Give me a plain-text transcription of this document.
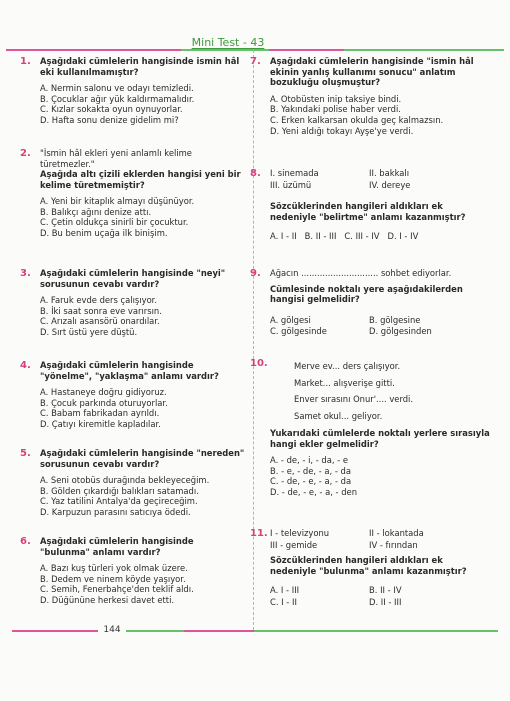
Mini Test - 43
1.	Aşağıdaki cümlelerin hangisinde ismin hâl eki kullanılmamıştır?
A. Nermin salonu ve odayı temizledi.
B. Çocuklar ağır yük kaldırmamalıdır.
C. Kızlar sokakta oyun oynuyorlar.
D. Hafta sonu denize gidelim mi?
2.	"İsmin hâl ekleri yeni anlamlı kelime türetmezler."
Aşağıda altı çizili eklerden hangisi yeni bir kelime türetmemiştir?
A. Yeni bir kitaplık almayı düşünüyor.
B. Balıkçı ağını denize attı.
C. Çetin oldukça sinirli bir çocuktur.
D. Bu benim uçağa ilk binişim.
3.	Aşağıdaki cümlelerin hangisinde "neyi" sorusunun cevabı vardır?
A. Faruk evde ders çalışıyor.
B. İki saat sonra eve varırsın.
C. Arızalı asansörü onardılar.
D. Sırt üstü yere düştü.
4.	Aşağıdaki cümlelerin hangisinde "yönelme", "yaklaşma" anlamı vardır?
A. Hastaneye doğru gidiyoruz.
B. Çocuk parkında oturuyorlar.
C. Babam fabrikadan ayrıldı.
D. Çatıyı kiremitle kapladılar.
5.	Aşağıdaki cümlelerin hangisinde "nereden" sorusunun cevabı vardır?
A. Seni otobüs durağında bekleyeceğim.
B. Gölden çıkardığı balıkları satamadı.
C. Yaz tatilini Antalya'da geçireceğim.
D. Karpuzun parasını satıcıya ödedi.
6.	Aşağıdaki cümlelerin hangisinde "bulunma" anlamı vardır?
A. Bazı kuş türleri yok olmak üzere.
B. Dedem ve ninem köyde yaşıyor.
C. Semih, Fenerbahçe'den teklif aldı.
D. Düğününe herkesi davet etti.
7.	Aşağıdaki cümlelerin hangisinde "ismin hâl ekinin yanlış kullanımı sonucu" anlatım bozukluğu oluşmuştur?
A. Otobüsten inip taksiye bindi.
B. Yakındaki polise haber verdi.
C. Erken kalkarsan okulda geç kalmazsın.
D. Yeni aldığı tokayı Ayşe'ye verdi.
8.	I. sinemada	II. bakkalı
III. üzümü	IV. dereye
Sözcüklerinden hangileri aldıkları ek nedeniyle "belirtme" anlamı kazanmıştır?
A. I - II   B. II - III   C. III - IV   D. I - IV
9.	Ağacın ............................. sohbet ediyorlar.
Cümlesinde noktalı yere aşağıdakilerden hangisi gelmelidir?
A. gölgesi	B. gölgesine
C. gölgesinde	D. gölgesinden
10.	Merve ev... ders çalışıyor.
Market... alışverişe gitti.
Enver sırasını Onur'.... verdi.
Samet okul... geliyor.
Yukarıdaki cümlelerde noktalı yerlere sırasıyla hangi ekler gelmelidir?
A. - de, - i, - da, - e
B. - e, - de, - a, - da
C. - de, - e, - a, - da
D. - de, - e, - a, - den
11. I - televizyonu	II - lokantada
III - gemide	IV - fırından
Sözcüklerinden hangileri aldıkları ek nedeniyle "bulunma" anlamı kazanmıştır?
A. I - III	B. II - IV
C. I - II	D. II - III
144
